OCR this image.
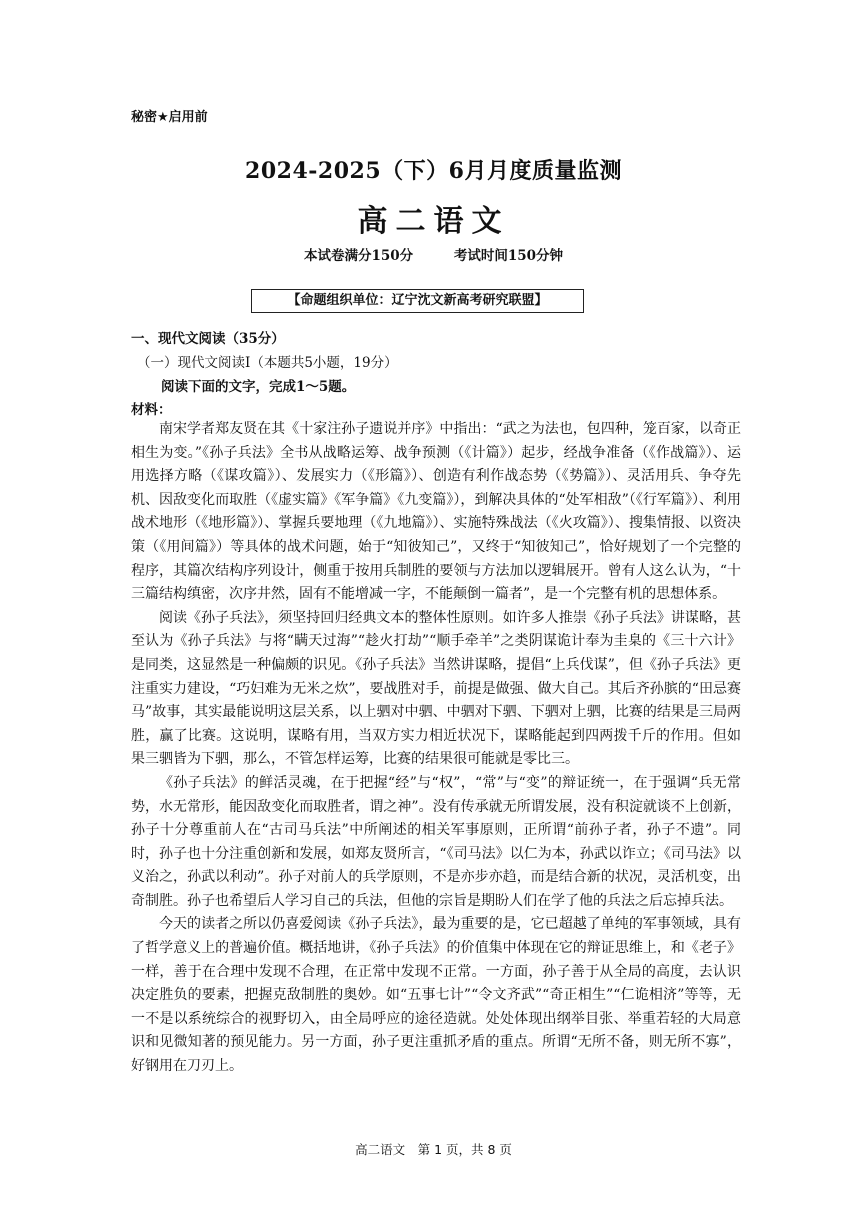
秘密★启用前
2024-2025（下）6月月度质量监测
高二语文
本试卷满分150分	考试时间150分钟
【命题组织单位：辽宁沈文新高考研究联盟】
一、现代文阅读（35分）
（一）现代文阅读Ⅰ（本题共5小题，19分）
阅读下面的文字，完成1～5题。
材料：

南宋学者郑友贤在其《十家注孙子遗说并序》中指出：“武之为法也，包四种，笼百家，以奇正相生为变。”《孙子兵法》全书从战略运筹、战争预测（《计篇》）起步，经战争准备（《作战篇》）、运用选择方略（《谋攻篇》）、发展实力（《形篇》）、创造有利作战态势（《势篇》）、灵活用兵、争夺先机、因敌变化而取胜（《虚实篇》《军争篇》《九变篇》），到解决具体的“处军相敌”（《行军篇》）、利用战术地形（《地形篇》）、掌握兵要地理（《九地篇》）、实施特殊战法（《火攻篇》）、搜集情报、以资决策（《用间篇》）等具体的战术问题，始于“知彼知己”，又终于“知彼知己”，恰好规划了一个完整的程序，其篇次结构序列设计，侧重于按用兵制胜的要领与方法加以逻辑展开。曾有人这么认为，“十三篇结构缜密，次序井然，固有不能增减一字，不能颠倒一篇者”，是一个完整有机的思想体系。

阅读《孙子兵法》，须坚持回归经典文本的整体性原则。如许多人推崇《孙子兵法》讲谋略，甚至认为《孙子兵法》与将“瞒天过海”“趁火打劫”“顺手牵羊”之类阴谋诡计奉为圭臬的《三十六计》是同类，这显然是一种偏颇的识见。《孙子兵法》当然讲谋略，提倡“上兵伐谋”，但《孙子兵法》更注重实力建设，“巧妇难为无米之炊”，要战胜对手，前提是做强、做大自己。其后齐孙膑的“田忌赛马”故事，其实最能说明这层关系，以上驷对中驷、中驷对下驷、下驷对上驷，比赛的结果是三局两胜，赢了比赛。这说明，谋略有用，当双方实力相近状况下，谋略能起到四两拨千斤的作用。但如果三驷皆为下驷，那么，不管怎样运筹，比赛的结果很可能就是零比三。

《孙子兵法》的鲜活灵魂，在于把握“经”与“权”，“常”与“变”的辩证统一，在于强调“兵无常势，水无常形，能因敌变化而取胜者，谓之神”。没有传承就无所谓发展，没有积淀就谈不上创新，孙子十分尊重前人在“古司马兵法”中所阐述的相关军事原则，正所谓“前孙子者，孙子不遗”。同时，孙子也十分注重创新和发展，如郑友贤所言，“《司马法》以仁为本，孙武以诈立；《司马法》以义治之，孙武以利动”。孙子对前人的兵学原则，不是亦步亦趋，而是结合新的状况，灵活机变，出奇制胜。孙子也希望后人学习自己的兵法，但他的宗旨是期盼人们在学了他的兵法之后忘掉兵法。

今天的读者之所以仍喜爱阅读《孙子兵法》，最为重要的是，它已超越了单纯的军事领域，具有了哲学意义上的普遍价值。概括地讲，《孙子兵法》的价值集中体现在它的辩证思维上，和《老子》一样，善于在合理中发现不合理，在正常中发现不正常。一方面，孙子善于从全局的高度，去认识决定胜负的要素，把握克敌制胜的奥妙。如“五事七计”“令文齐武”“奇正相生”“仁诡相济”等等，无一不是以系统综合的视野切入，由全局呼应的途径造就。处处体现出纲举目张、举重若轻的大局意识和见微知著的预见能力。另一方面，孙子更注重抓矛盾的重点。所谓“无所不备，则无所不寡”，好钢用在刀刃上。

高二语文　第 1 页，共 8 页
